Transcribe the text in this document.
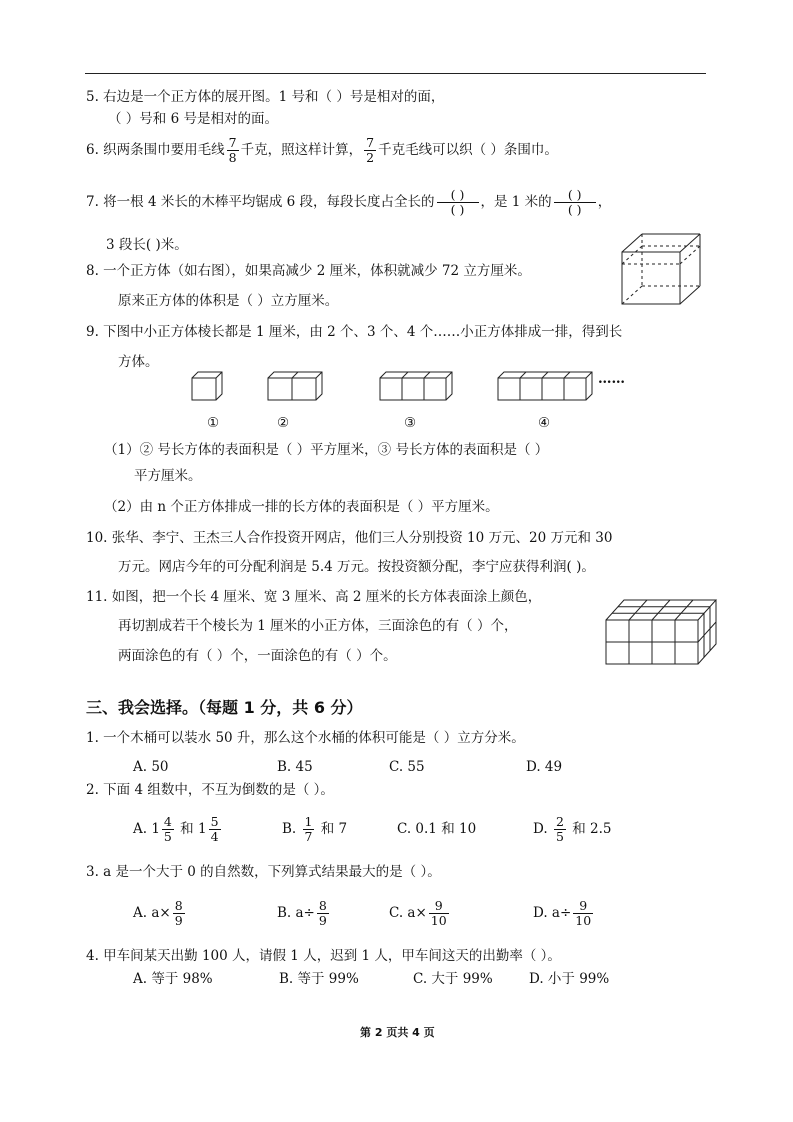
5. 右边是一个正方体的展开图。1 号和（ ）号是相对的面，
（ ）号和 6 号是相对的面。
6. 织两条围巾要用毛线 $\frac{7}{8}$ 千克，照这样计算， $\frac{7}{2}$ 千克毛线可以织（ ）条围巾。
7. 将一根 4 米长的木棒平均锯成 6 段，每段长度占全长的 $\frac{( )}{( )}$ ，是 1 米的 $\frac{( )}{( )}$ ，
3 段长( )米。
8. 一个正方体（如右图），如果高减少 2 厘米，体积就减少 72 立方厘米。
原来正方体的体积是（ ）立方厘米。
9. 下图中小正方体棱长都是 1 厘米，由 2 个、3 个、4 个……小正方体排成一排，得到长
方体。
……
①	②	③	④
（1）② 号长方体的表面积是（ ）平方厘米，③ 号长方体的表面积是（ ）
平方厘米。
（2）由 n 个正方体排成一排的长方体的表面积是（ ）平方厘米。
10. 张华、李宁、王杰三人合作投资开网店，他们三人分别投资 10 万元、20 万元和 30
万元。网店今年的可分配利润是 5.4 万元。按投资额分配，李宁应获得利润( )。
11. 如图，把一个长 4 厘米、宽 3 厘米、高 2 厘米的长方体表面涂上颜色，
再切割成若干个棱长为 1 厘米的小正方体，三面涂色的有（ ）个，
两面涂色的有（ ）个，一面涂色的有（ ）个。
三、我会选择。（每题 1 分，共 6 分）
1. 一个木桶可以装水 50 升，那么这个水桶的体积可能是（ ）立方分米。
A. 50	B. 45	C. 55	D. 49
2. 下面 4 组数中，不互为倒数的是（ ）。
A. $1 \frac{4}{5}$ 和 $1 \frac{5}{4}$	B. $\frac{1}{7}$ 和 7	C. 0.1 和 10	D. $\frac{2}{5}$ 和 2.5
3. a 是一个大于 0 的自然数，下列算式结果最大的是（ ）。
A. $a\times \frac{8}{9}$	B. $a\div \frac{8}{9}$	C. $a\times \frac{9}{10}$	D. $a\div \frac{9}{10}$
4. 甲车间某天出勤 100 人，请假 1 人，迟到 1 人，甲车间这天的出勤率（ ）。
A. 等于 98%	B. 等于 99%	C. 大于 99%	D. 小于 99%
第 2 页共 4 页
